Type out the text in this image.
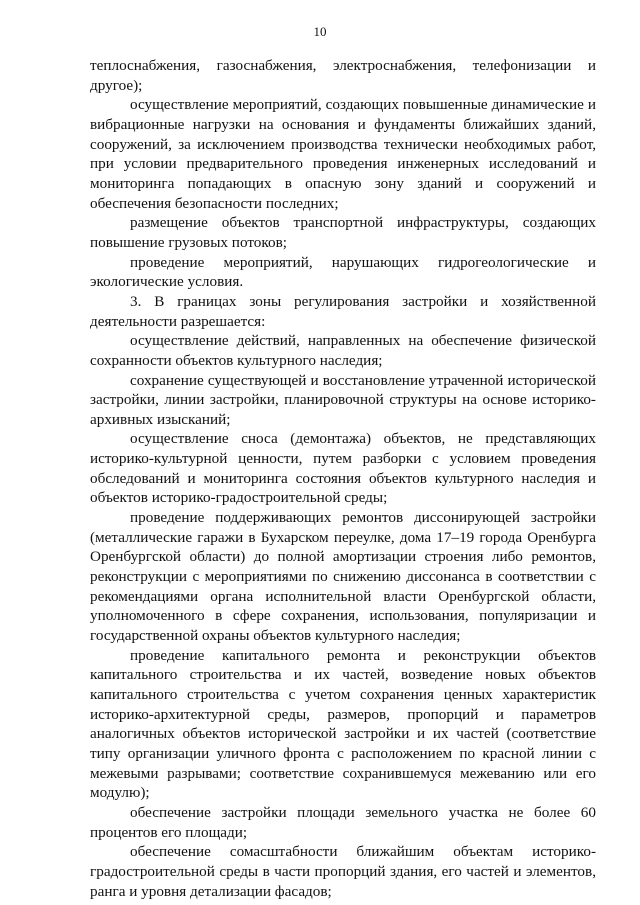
10

теплоснабжения, газоснабжения, электроснабжения, телефонизации и другое);

осуществление мероприятий, создающих повышенные динамические и вибрационные нагрузки на основания и фундаменты ближайших зданий, сооружений, за исключением производства технически необходимых работ, при условии предварительного проведения инженерных исследований и мониторинга попадающих в опасную зону зданий и сооружений и обеспечения безопасности последних;

размещение объектов транспортной инфраструктуры, создающих повышение грузовых потоков;

проведение мероприятий, нарушающих гидрогеологические и экологические условия.

3. В границах зоны регулирования застройки и хозяйственной деятельности разрешается:

осуществление действий, направленных на обеспечение физической сохранности объектов культурного наследия;

сохранение существующей и восстановление утраченной исторической застройки, линии застройки, планировочной структуры на основе историко-архивных изысканий;

осуществление сноса (демонтажа) объектов, не представляющих историко-культурной ценности, путем разборки с условием проведения обследований и мониторинга состояния объектов культурного наследия и объектов историко-градостроительной среды;

проведение поддерживающих ремонтов диссонирующей застройки (металлические гаражи в Бухарском переулке, дома 17–19 города Оренбурга Оренбургской области) до полной амортизации строения либо ремонтов, реконструкции с мероприятиями по снижению диссонанса в соответствии с рекомендациями органа исполнительной власти Оренбургской области, уполномоченного в сфере сохранения, использования, популяризации и государственной охраны объектов культурного наследия;

проведение капитального ремонта и реконструкции объектов капитального строительства и их частей, возведение новых объектов капитального строительства с учетом сохранения ценных характеристик историко-архитектурной среды, размеров, пропорций и параметров аналогичных объектов исторической застройки и их частей (соответствие типу организации уличного фронта с расположением по красной линии с межевыми разрывами; соответствие сохранившемуся межеванию или его модулю);

обеспечение застройки площади земельного участка не более 60 процентов его площади;

обеспечение сомасштабности ближайшим объектам историко-градостроительной среды в части пропорций здания, его частей и элементов, ранга и уровня детализации фасадов;
